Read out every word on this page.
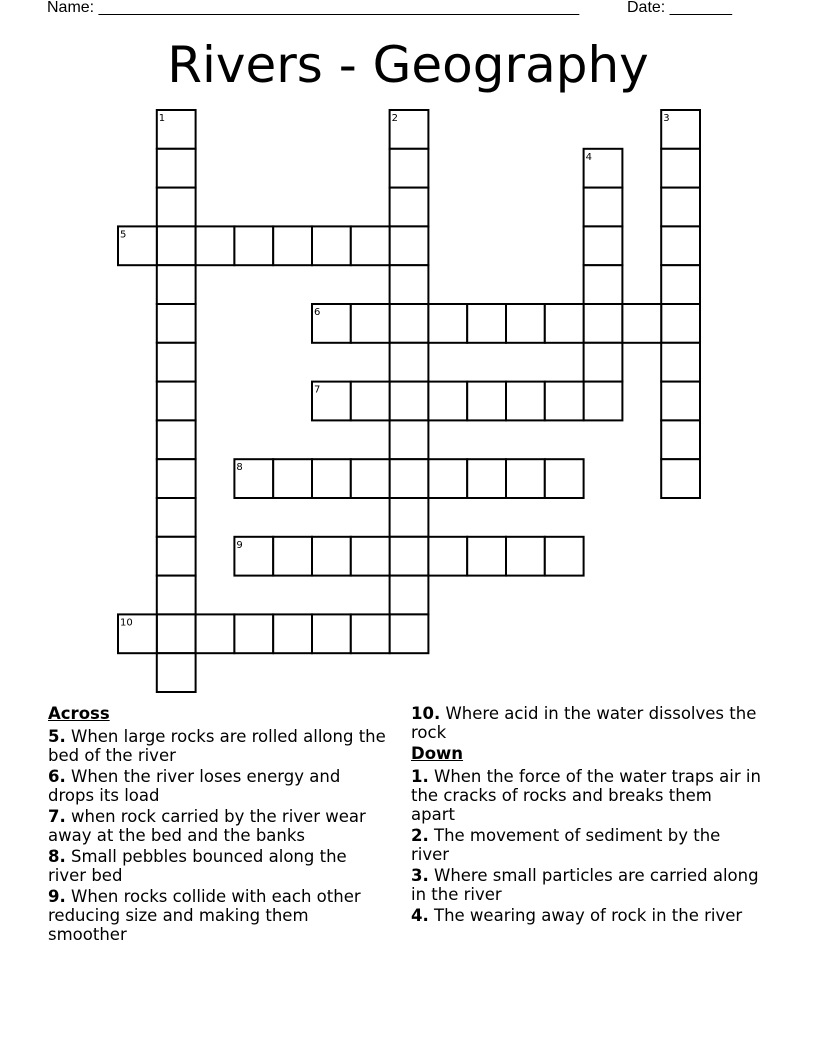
Name: ______________________________________________________	Date: _______
Rivers - Geography
1	2	3
4
5
6
7
8
9
10
Across
5. When large rocks are rolled allong the bed of the river
6. When the river loses energy and drops its load
7. when rock carried by the river wear away at the bed and the banks
8. Small pebbles bounced along the river bed
9. When rocks collide with each other reducing size and making them smoother
10. Where acid in the water dissolves the rock
Down
1. When the force of the water traps air in the cracks of rocks and breaks them apart
2. The movement of sediment by the river
3. Where small particles are carried along in the river
4. The wearing away of rock in the river
